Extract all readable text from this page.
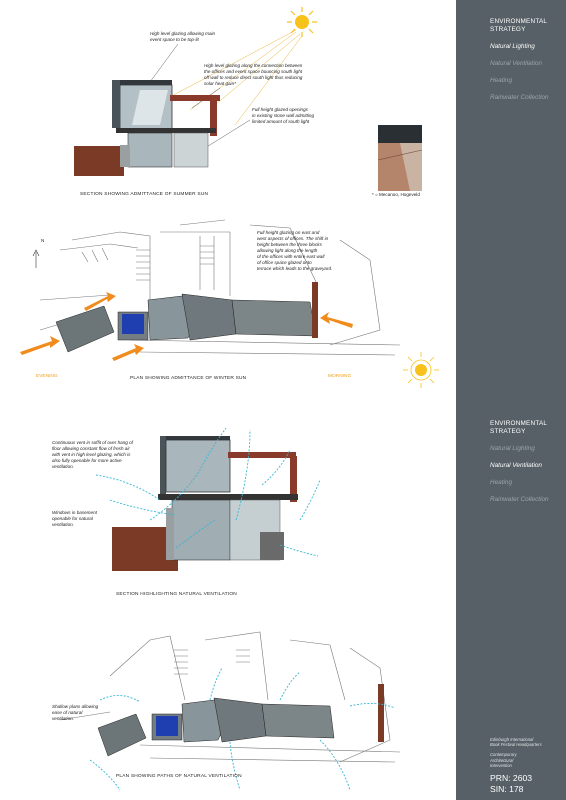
High level glazing allowing main
event space to be top-lit
High level glazing along the connection between
the offices and event space bouncing south light
off wall to reduce direct south light thus reducing
solar heat gain*
Full height glazed openings
in existing stone wall admitting
limited amount of south light
SECTION SHOWING ADMITTANCE OF SUMMER SUN	* = Mecanoo, Hogeveld
N
Full height glazing on east and
west aspects of offices. The shift in
height between the three blocks
allowing light along the length
of the offices with entire east wall
of office space glazed onto
terrace which leads to the graveyard.
EVENING	MORNING
PLAN SHOWING ADMITTANCE OF WINTER SUN
Continuous vent in soffit of over hang of
floor allowing constant flow of fresh air
with vent in high level glazing, which is
also fully openable for more active
ventilation.
Windows in basement
openable for natural
ventilation.
SECTION HIGHLIGHTING NATURAL VENTILATION
Shallow plans allowing
ease of natural
ventilation.
PLAN SHOWING PATHS OF NATURAL VENTILATION
ENVIRONMENTAL
STRATEGY
Natural Lighting
Natural Ventilation
Heating
Rainwater Collection
ENVIRONMENTAL
STRATEGY
Natural Lighting
Natural Ventilation
Heating
Rainwater Collection
Edinburgh International
Book Festival Headquarters
Contemporary
Architectural
Intervention
PRN: 2603
SIN: 178
